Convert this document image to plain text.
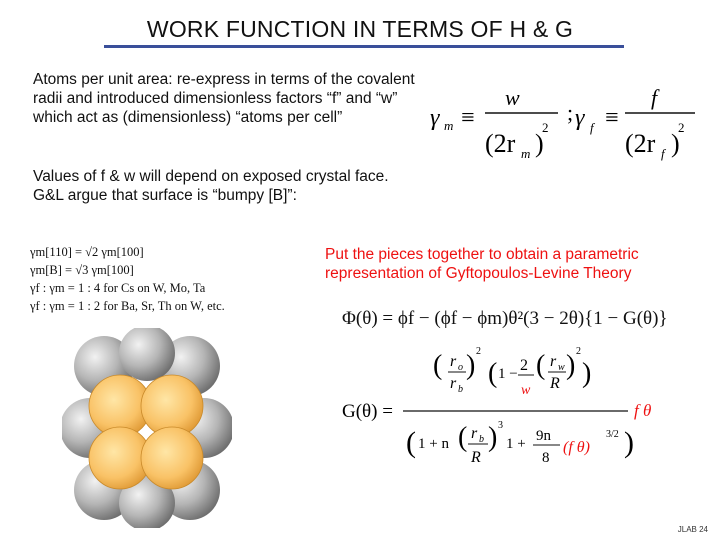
WORK FUNCTION IN TERMS OF H & G
Atoms per unit area: re-express in terms of the covalent radii and introduced dimensionless factors “f” and “w” which act as (dimensionless) “atoms per cell”	γ m ≡
w
(2r m )
2
; γ f ≡
f
(2r f )
2
Values of f & w will depend on exposed crystal face. G&L argue that surface is “bumpy [B]”:
γm[110] = √2 γm[100]
γm[B] = √3 γm[100]
γf : γm = 1 : 4 for Cs on W, Mo, Ta
γf : γm = 1 : 2 for Ba, Sr, Th on W, etc.
Put the pieces together to obtain a parametric representation of Gyftopoulos-Levine Theory
Φ(θ) = ϕf − (ϕf − ϕm)θ²(3 − 2θ){1 − G(θ)}
G(θ) =
( r o
r b
) 2
( 1 − 2
w
( r w
R
) 2
)
f θ
( 1 + n ( r b
R
) 3
1 + 9n
8
(f θ)
3/2 )
JLAB 24
